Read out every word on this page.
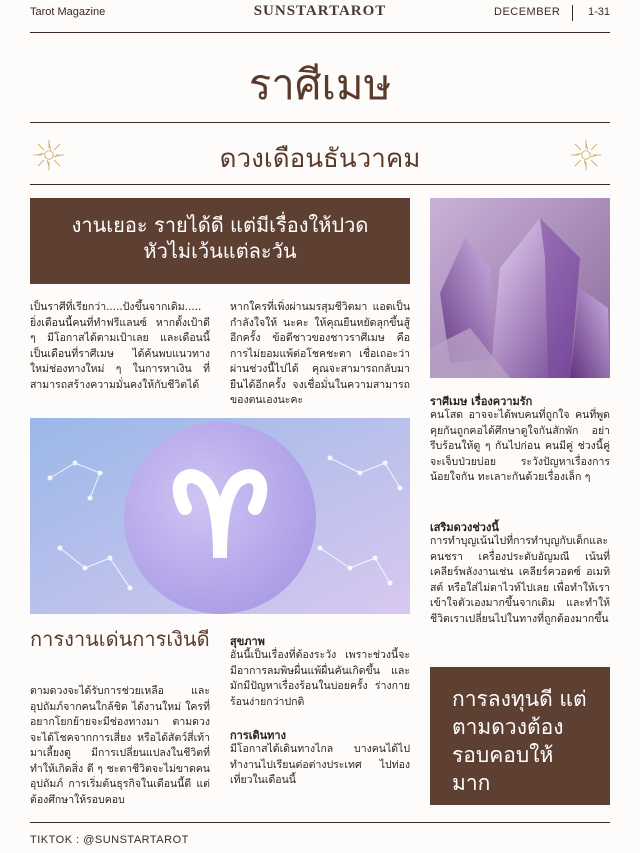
Tarot Magazine	SUNSTARTAROT	DECEMBER	1-31
ราศีเมษ
ดวงเดือนธันวาคม
งานเยอะ รายได้ดี แต่มีเรื่องให้ปวด
หัวไม่เว้นแต่ละวัน
เป็นราศีที่เรียกว่า.....ปังขึ้นจากเดิม..... ยิ่งเดือนนี้คนที่ทำฟรีแลนซ์ หากตั้งเป้าดี ๆ มีโอกาสได้ตามเป้าเลย และเดือนนี้เป็นเดือนที่ราศีเมษ ได้ค้นพบแนวทางใหม่ช่องทางใหม่ ๆ ในการหาเงิน ที่สามารถสร้างความมั่นคงให้กับชีวิตได้
หากใครที่เพิ่งผ่านมรสุมชีวิตมา แอดเป็นกำลังใจให้ นะคะ ให้คุณยืนหยัดลุกขึ้นสู้อีกครั้ง ข้อดีชาวของชาวราศีเมษ คือการไม่ยอมแพ้ต่อโชคชะตา เชื่อเถอะว่าผ่านช่วงนี้ไปได้ คุณจะสามารถกลับมายืนได้อีกครั้ง จงเชื่อมั่นในความสามารถของตนเองนะคะ	ราศีเมษ เรื่องความรัก
คนโสด อาจจะได้พบคนที่ถูกใจ คนที่พูดคุยกันถูกคอได้ศึกษาดูใจกันสักพัก อย่ารีบร้อนให้ดู ๆ กันไปก่อน คนมีคู่ ช่วงนี้คู่จะเจ็บป่วยบ่อย ระวังปัญหาเรื่องการน้อยใจกัน ทะเลาะกันด้วยเรื่องเล็ก ๆ
เสริมดวงช่วงนี้
การทำบุญเน้นไปที่การทำบุญกับเด็กและคนชรา เครื่องประดับอัญมณี เน้นที่เคลียร์พลังงานเช่น เคลียร์ควอตซ์ อเมทิสต์ หรือใส่ไม่ดาไวท์ไปเลย เพื่อทำให้เราเข้าใจตัวเองมากขึ้นจากเดิม และทำให้ชีวิตเราเปลี่ยนไปในทางที่ถูกต้องมากขึ้น
การงานเด่นการเงินดี
ตามดวงจะได้รับการช่วยเหลือ และอุปถัมภ์จากคนใกล้ชิด ได้งานใหม่ ใครที่อยากโยกย้ายจะมีช่องทางมา ตามดวงจะได้โชคจากการเสี่ยง หรือได้สัตว์สี่เท้า มาเลี้ยงดู มีการเปลี่ยนแปลงในชีวิตที่ทำให้เกิดสิ่ง ดี ๆ ชะตาชีวิตจะไม่ขาดคนอุปถัมภ์ การเริ่มต้นธุรกิจในเดือนนี้ดี แต่ต้องศึกษาให้รอบคอบ
สุขภาพ
อันนี้เป็นเรื่องที่ต้องระวัง เพราะช่วงนี้จะมีอาการลมพิษผื่นแพ้ผื่นคันเกิดขึ้น และมักมีปัญหาเรื่องร้อนในบ่อยครั้ง ร่างกายร้อนง่ายกว่าปกติ
การเดินทาง
มีโอกาสได้เดินทางไกล บางคนได้ไปทำงานไปเรียนต่อต่างประเทศ ไปท่องเที่ยวในเดือนนี้
การลงทุนดี แต่ตามดวงต้องรอบคอบให้มาก
TIKTOK : @SUNSTARTAROT
